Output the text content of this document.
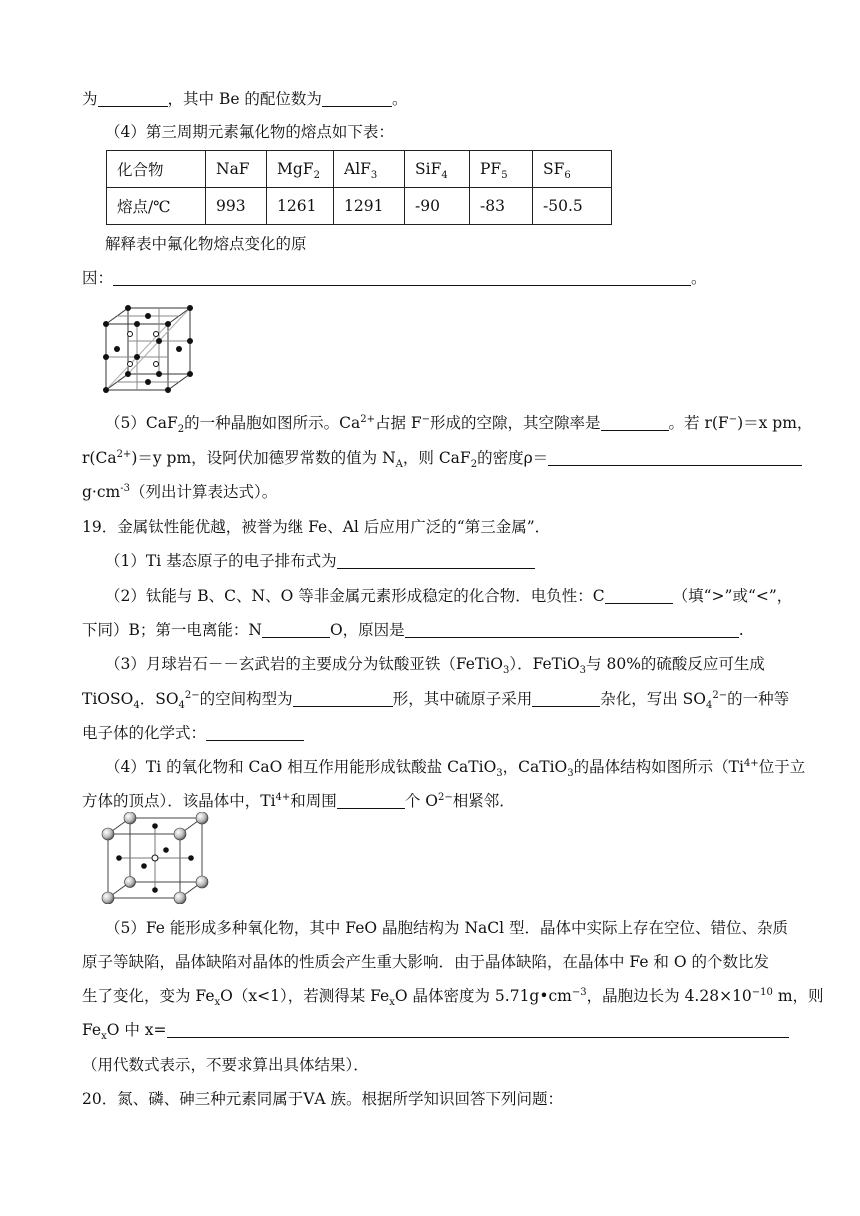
为	，其中 Be 的配位数为	。
（4）第三周期元素氟化物的熔点如下表：
化合物	NaF	MgF$_2$	AlF$_3$	SiF$_4$	$PF_5$	$SF_6$
熔点/℃	993	1261	1291	-90	-83	-50.5
解释表中氟化物熔点变化的原
因：	。
（5）CaF$_2$的一种晶胞如图所示。$Ca^{2+}$占据 F−形成的空隙，其空隙率是	。若 r(F−)＝x pm，
$r(Ca^{2+})=y$ pm，设阿伏加德罗常数的值为 $N_A$，则 CaF$_2$的密度ρ＝
$g\cdot cm^{-3}$（列出计算表达式）。
19．金属钛性能优越，被誉为继 Fe、Al 后应用广泛的“第三金属”．
（1）Ti 基态原子的电子排布式为
（2）钛能与 B、C、N、O 等非金属元素形成稳定的化合物．电负性：C	（填“>”或“<”，
下同）B；第一电离能：N	O，原因是	.
（3）月球岩石－－玄武岩的主要成分为钛酸亚铁（FeTiO$_3$）．FeTiO$_3$与 80%的硫酸反应可生成
TiOSO$_4$．$SO_4^{2-}$的空间构型为	形，其中硫原子采用	杂化，写出 $SO_4^{2-}$的一种等
电子体的化学式：
（4）Ti 的氧化物和 CaO 相互作用能形成钛酸盐 CaTiO$_3$，CaTiO$_3$的晶体结构如图所示（$Ti^{4+}$位于立
方体的顶点）．该晶体中，$Ti^{4+}$和周围	个 $O^{2-}$相紧邻．
（5）Fe 能形成多种氧化物，其中 FeO 晶胞结构为 NaCl 型．晶体中实际上存在空位、错位、杂质
原子等缺陷，晶体缺陷对晶体的性质会产生重大影响．由于晶体缺陷，在晶体中 Fe 和 O 的个数比发
生了变化，变为 $Fe_xO(x<1)$，若测得某 $Fe_xO$ 晶体密度为 $5.71g•cm^{-3}$，晶胞边长为 $4.28\times 10^{-10}$ m，则
$Fe_xO$ 中 x=
（用代数式表示，不要求算出具体结果）．
20．氮、磷、砷三种元素同属于ⅤA 族。根据所学知识回答下列问题：
